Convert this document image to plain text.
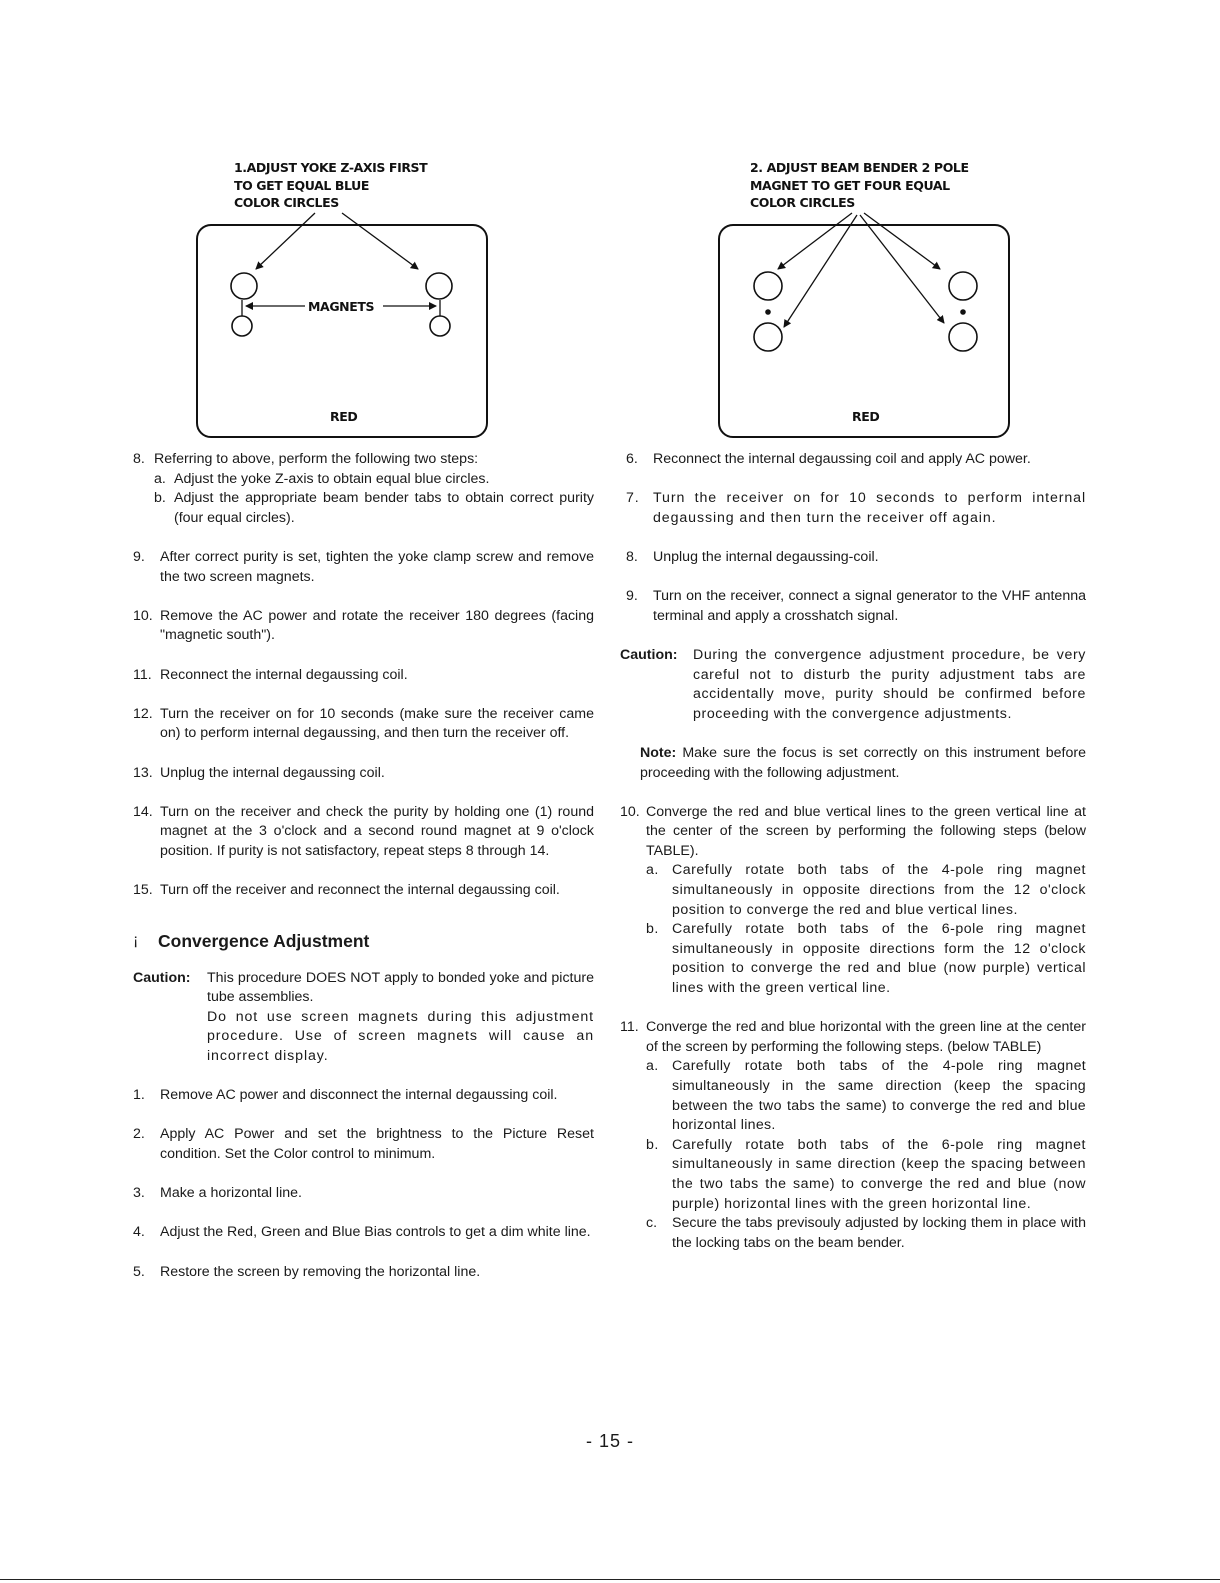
1.ADJUST YOKE Z-AXIS FIRST
TO GET EQUAL BLUE
COLOR CIRCLES
MAGNETS
RED
2. ADJUST BEAM BENDER 2 POLE
MAGNET TO GET FOUR EQUAL
COLOR CIRCLES
RED
8. Referring to above, perform the following two steps:
a. Adjust the yoke Z-axis to obtain equal blue circles.
b. Adjust the appropriate beam bender tabs to obtain correct purity (four equal circles).
9. After correct purity is set, tighten the yoke clamp screw and remove the two screen magnets.
10. Remove the AC power and rotate the receiver 180 degrees (facing "magnetic south").
11. Reconnect the internal degaussing coil.
12. Turn the receiver on for 10 seconds (make sure the receiver came on) to perform internal degaussing, and then turn the receiver off.
13. Unplug the internal degaussing coil.
14. Turn on the receiver and check the purity by holding one (1) round magnet at the 3 o'clock and a second round magnet at 9 o'clock position. If purity is not satisfactory, repeat steps 8 through 14.
15. Turn off the receiver and reconnect the internal degaussing coil.
¡ Convergence Adjustment
Caution: This procedure DOES NOT apply to bonded yoke and picture tube assemblies.

Do not use screen magnets during this adjustment procedure. Use of screen magnets will cause an incorrect display.

1. Remove AC power and disconnect the internal degaussing coil.
2. Apply AC Power and set the brightness to the Picture Reset condition. Set the Color control to minimum.
3. Make a horizontal line.
4. Adjust the Red, Green and Blue Bias controls to get a dim white line.
5. Restore the screen by removing the horizontal line.
6. Reconnect the internal degaussing coil and apply AC power.
7. Turn the receiver on for 10 seconds to perform internal degaussing and then turn the receiver off again.
8. Unplug the internal degaussing-coil.
9. Turn on the receiver, connect a signal generator to the VHF antenna terminal and apply a crosshatch signal.
Caution: During the convergence adjustment procedure, be very careful not to disturb the purity adjustment tabs are accidentally move, purity should be confirmed before proceeding with the convergence adjustments.

Note: Make sure the focus is set correctly on this instrument before proceeding with the following adjustment.
10. Converge the red and blue vertical lines to the green vertical line at the center of the screen by performing the following steps (below TABLE).
a. Carefully rotate both tabs of the 4-pole ring magnet simultaneously in opposite directions from the 12 o'clock position to converge the red and blue vertical lines.
b. Carefully rotate both tabs of the 6-pole ring magnet simultaneously in opposite directions form the 12 o'clock position to converge the red and blue (now purple) vertical lines with the green vertical line.
11. Converge the red and blue horizontal with the green line at the center of the screen by performing the following steps. (below TABLE)
a. Carefully rotate both tabs of the 4-pole ring magnet simultaneously in the same direction (keep the spacing between the two tabs the same) to converge the red and blue horizontal lines.
b. Carefully rotate both tabs of the 6-pole ring magnet simultaneously in same direction (keep the spacing between the two tabs the same) to converge the red and blue (now purple) horizontal lines with the green horizontal line.
c. Secure the tabs previsouly adjusted by locking them in place with the locking tabs on the beam bender.
- 15 -
